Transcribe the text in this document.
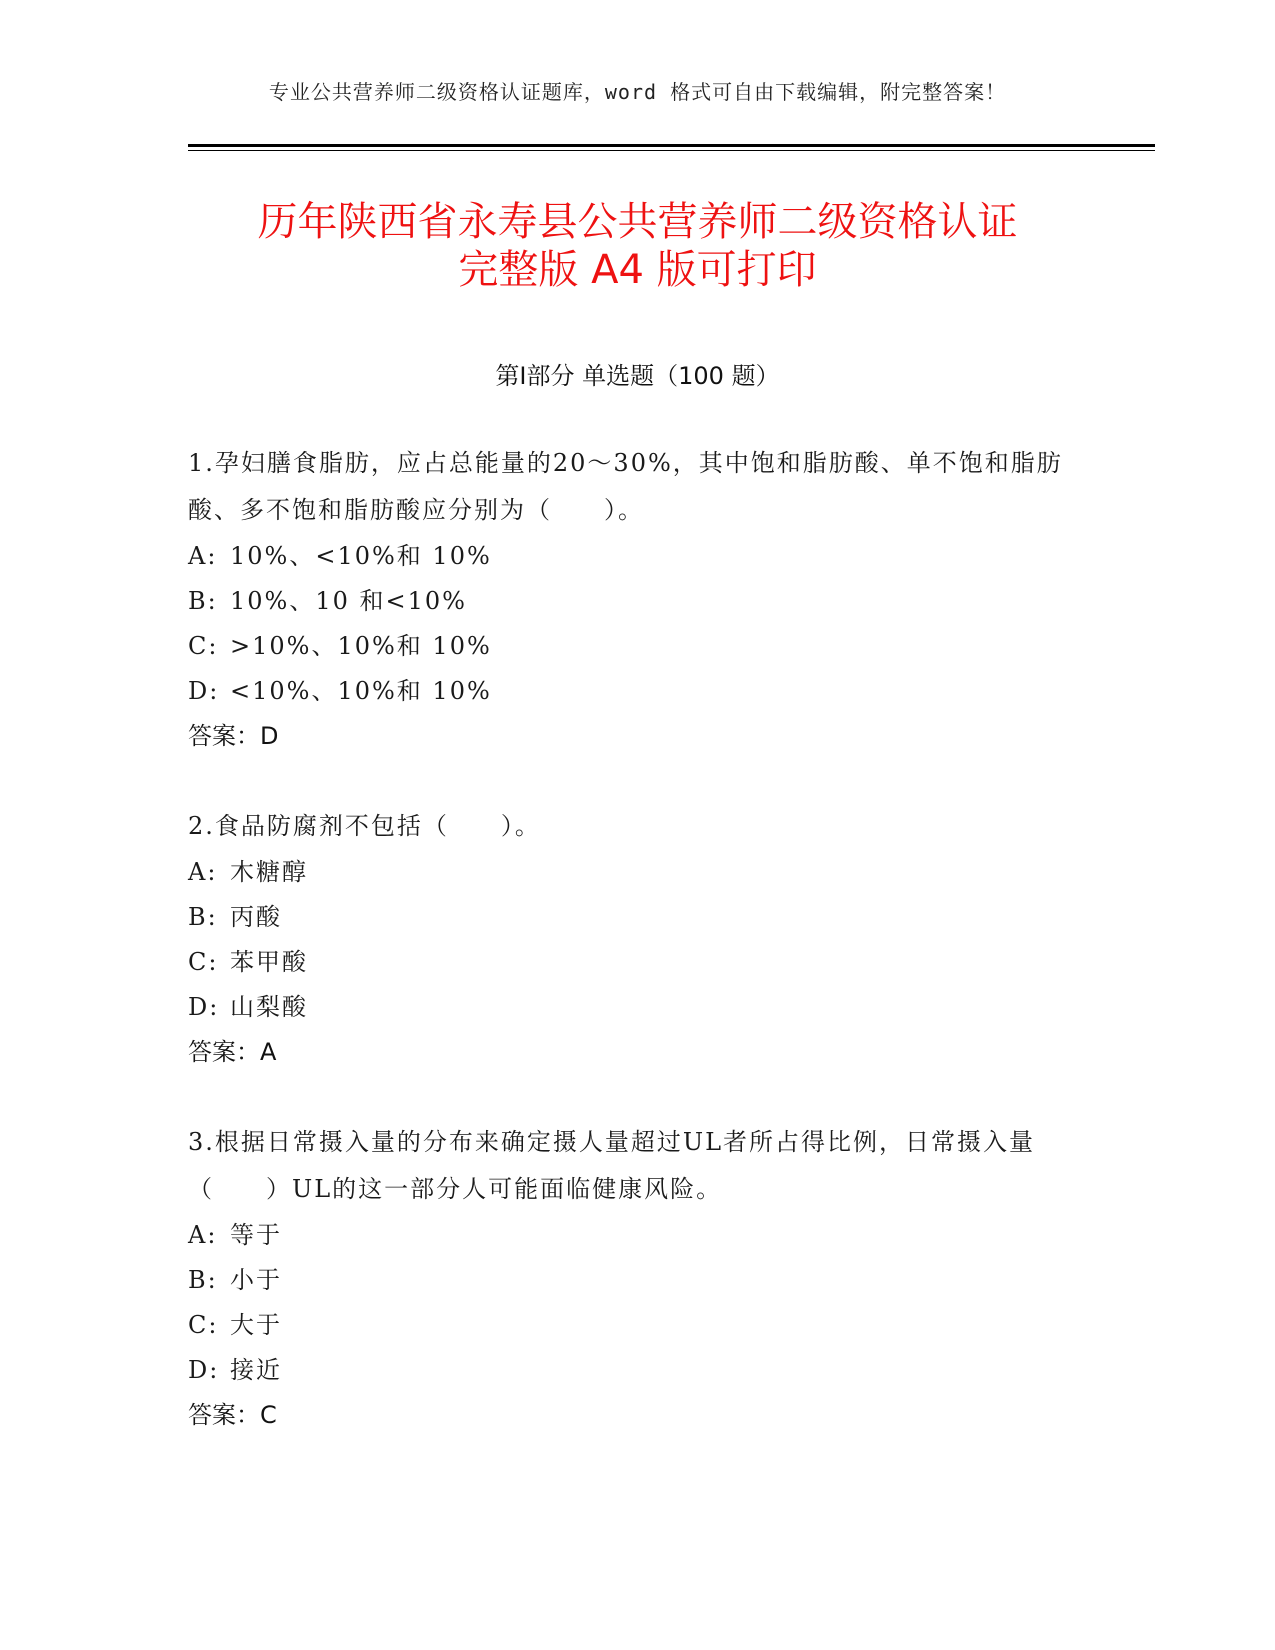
专业公共营养师二级资格认证题库，word 格式可自由下载编辑，附完整答案！
历年陕西省永寿县公共营养师二级资格认证
完整版 A4 版可打印
第Ⅰ部分 单选题（100 题）

1.孕妇膳食脂肪，应占总能量的20～30%，其中饱和脂肪酸、单不饱和脂肪酸、多不饱和脂肪酸应分别为（　　）。

A: 10%、<10%和 10%

B: 10%、10 和<10%

C: >10%、10%和 10%

D: <10%、10%和 10%

答案：D

2.食品防腐剂不包括（　　）。

A: 木糖醇

B: 丙酸

C: 苯甲酸

D: 山梨酸

答案：A

3.根据日常摄入量的分布来确定摄人量超过UL者所占得比例，日常摄入量（　　）UL的这一部分人可能面临健康风险。

A: 等于

B: 小于

C: 大于

D: 接近

答案：C
